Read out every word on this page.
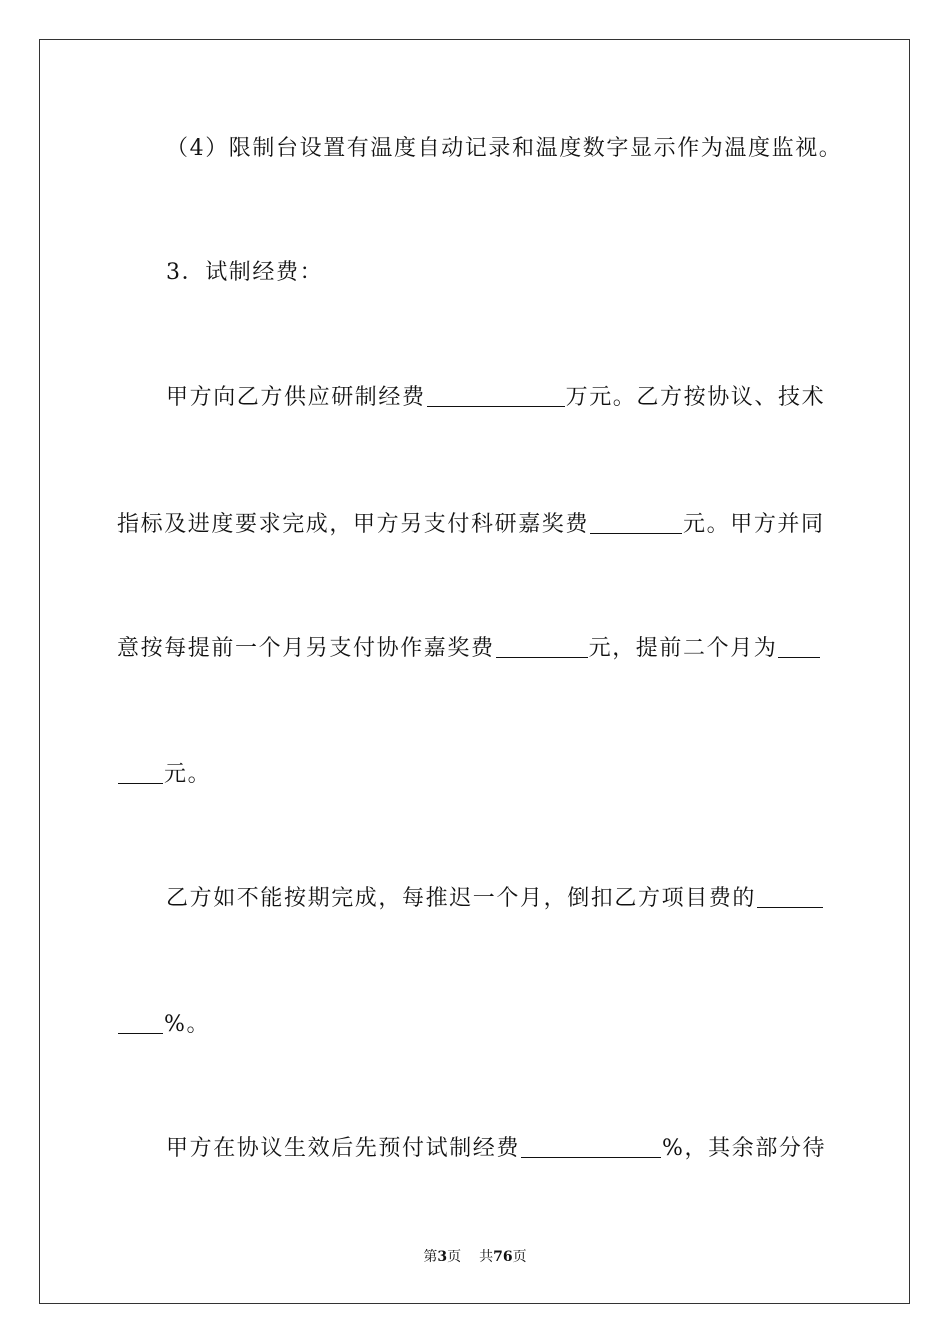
（4）限制台设置有温度自动记录和温度数字显示作为温度监视。
3．试制经费：
甲方向乙方供应研制经费	万元。乙方按协议、技术
指标及进度要求完成，甲方另支付科研嘉奖费	元。甲方并同
意按每提前一个月另支付协作嘉奖费	元，提前二个月为
元。
乙方如不能按期完成，每推迟一个月，倒扣乙方项目费的
%。
甲方在协议生效后先预付试制经费	%，其余部分待
第3页 共76页
